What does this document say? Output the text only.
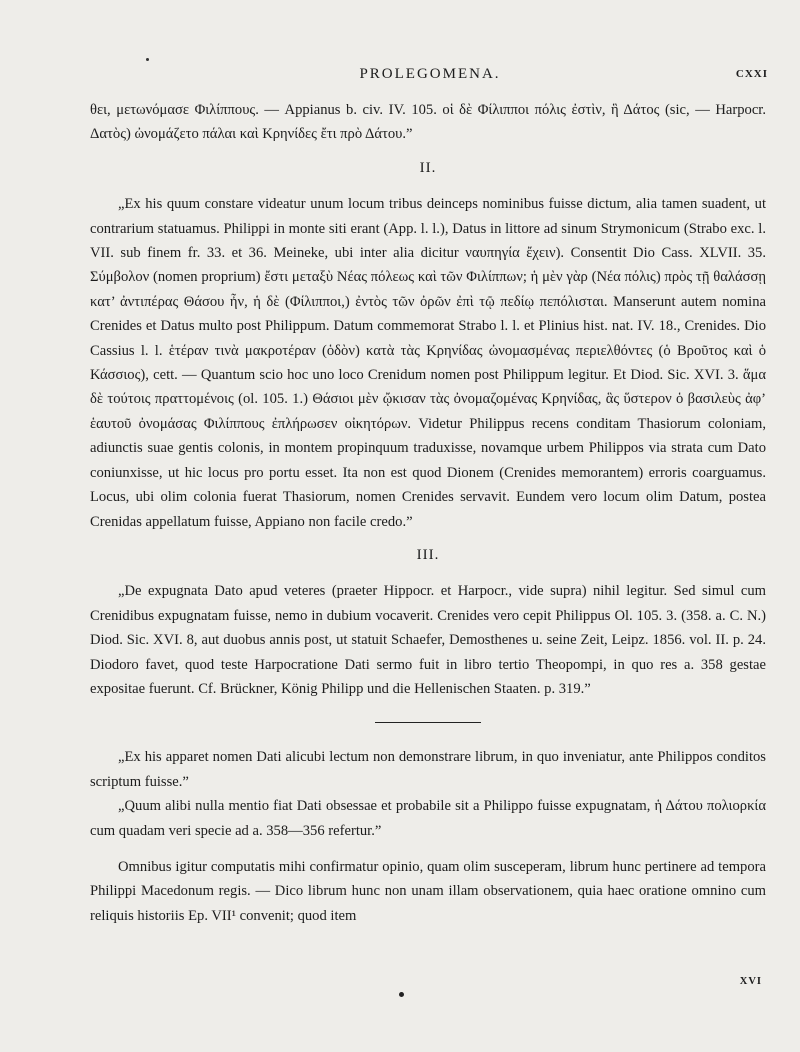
PROLEGOMENA.	CXXI

θει, μετωνόμασε Φιλίππους. — Appianus b. civ. IV. 105. οἱ δὲ Φίλιπποι πόλις ἐστὶν, ἣ Δάτος (sic, — Harpocr. Δατὸς) ὠνομάζετο πάλαι καὶ Κρηνίδες ἔτι πρὸ Δάτου.”

II.

„Ex his quum constare videatur unum locum tribus deinceps nominibus fuisse dictum, alia tamen suadent, ut contrarium statuamus. Philippi in monte siti erant (App. l. l.), Datus in littore ad sinum Strymonicum (Strabo exc. l. VII. sub finem fr. 33. et 36. Meineke, ubi inter alia dicitur ναυπηγία ἔχειν). Consentit Dio Cass. XLVII. 35. Σύμβολον (nomen proprium) ἔστι μεταξὺ Νέας πόλεως καὶ τῶν Φιλίππων; ἡ μὲν γὰρ (Νέα πόλις) πρὸς τῇ θαλάσσῃ κατ’ ἀντιπέρας Θάσου ἦν, ἡ δὲ (Φίλιπποι,) ἐντὸς τῶν ὀρῶν ἐπὶ τῷ πεδίῳ πεπόλισται. Manserunt autem nomina Crenides et Datus multo post Philippum. Datum commemorat Strabo l. l. et Plinius hist. nat. IV. 18., Crenides. Dio Cassius l. l. ἑτέραν τινὰ μακροτέραν (ὁδὸν) κατὰ τὰς Κρηνίδας ὠνομασμένας περιελθόντες (ὁ Βροῦτος καὶ ὁ Κάσσιος), cett. — Quantum scio hoc uno loco Crenidum nomen post Philippum legitur. Et Diod. Sic. XVI. 3. ἅμα δὲ τούτοις πραττομένοις (ol. 105. 1.) Θάσιοι μὲν ᾤκισαν τὰς ὀνομαζομένας Κρηνίδας, ἃς ὕστερον ὁ βασιλεὺς ἀφ’ ἑαυτοῦ ὀνομάσας Φιλίππους ἐπλήρωσεν οἰκητόρων. Videtur Philippus recens conditam Thasiorum coloniam, adiunctis suae gentis colonis, in montem propinquum traduxisse, novamque urbem Philippos via strata cum Dato coniunxisse, ut hic locus pro portu esset. Ita non est quod Dionem (Crenides memorantem) erroris coarguamus. Locus, ubi olim colonia fuerat Thasiorum, nomen Crenides servavit. Eundem vero locum olim Datum, postea Crenidas appellatum fuisse, Appiano non facile credo.”

III.

„De expugnata Dato apud veteres (praeter Hippocr. et Harpocr., vide supra) nihil legitur. Sed simul cum Crenidibus expugnatam fuisse, nemo in dubium vocaverit. Crenides vero cepit Philippus Ol. 105. 3. (358. a. C. N.) Diod. Sic. XVI. 8, aut duobus annis post, ut statuit Schaefer, Demosthenes u. seine Zeit, Leipz. 1856. vol. II. p. 24. Diodoro favet, quod teste Harpocratione Dati sermo fuit in libro tertio Theopompi, in quo res a. 358 gestae expositae fuerunt. Cf. Brückner, König Philipp und die Hellenischen Staaten. p. 319.”

„Ex his apparet nomen Dati alicubi lectum non demonstrare librum, in quo inveniatur, ante Philippos conditos scriptum fuisse.”

„Quum alibi nulla mentio fiat Dati obsessae et probabile sit a Philippo fuisse expugnatam, ἡ Δάτου πολιορκία cum quadam veri specie ad a. 358—356 refertur.”

Omnibus igitur computatis mihi confirmatur opinio, quam olim susceperam, librum hunc pertinere ad tempora Philippi Macedonum regis. — Dico librum hunc non unam illam observationem, quia haec oratione omnino cum reliquis historiis Ep. VII¹ convenit; quod item

XVI
